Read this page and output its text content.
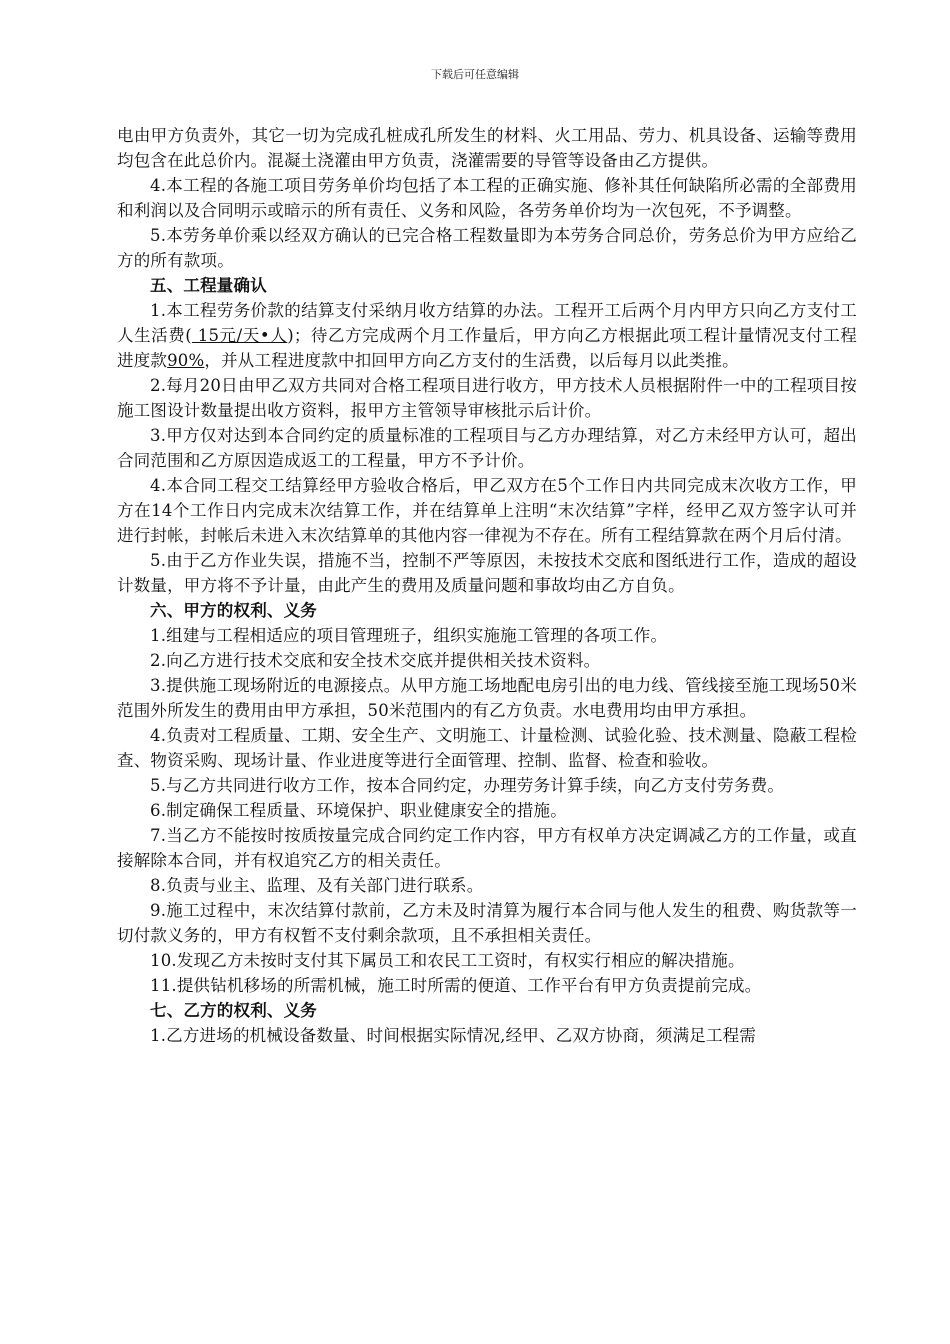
下载后可任意编辑

电由甲方负责外，其它一切为完成孔桩成孔所发生的材料、火工用品、劳力、机具设备、运输等费用均包含在此总价内。混凝土浇灌由甲方负责，浇灌需要的导管等设备由乙方提供。

4.本工程的各施工项目劳务单价均包括了本工程的正确实施、修补其任何缺陷所必需的全部费用和利润以及合同明示或暗示的所有责任、义务和风险，各劳务单价均为一次包死，不予调整。

5.本劳务单价乘以经双方确认的已完合格工程数量即为本劳务合同总价，劳务总价为甲方应给乙方的所有款项。

五、工程量确认

1.本工程劳务价款的结算支付采纳月收方结算的办法。工程开工后两个月内甲方只向乙方支付工人生活费( 15元/天•人)；待乙方完成两个月工作量后，甲方向乙方根据此项工程计量情况支付工程进度款90%，并从工程进度款中扣回甲方向乙方支付的生活费，以后每月以此类推。

2.每月20日由甲乙双方共同对合格工程项目进行收方，甲方技术人员根据附件一中的工程项目按施工图设计数量提出收方资料，报甲方主管领导审核批示后计价。

3.甲方仅对达到本合同约定的质量标准的工程项目与乙方办理结算，对乙方未经甲方认可，超出合同范围和乙方原因造成返工的工程量，甲方不予计价。

4.本合同工程交工结算经甲方验收合格后，甲乙双方在5个工作日内共同完成末次收方工作，甲方在14个工作日内完成末次结算工作，并在结算单上注明“末次结算”字样，经甲乙双方签字认可并进行封帐，封帐后未进入末次结算单的其他内容一律视为不存在。所有工程结算款在两个月后付清。

5.由于乙方作业失误，措施不当，控制不严等原因，未按技术交底和图纸进行工作，造成的超设计数量，甲方将不予计量，由此产生的费用及质量问题和事故均由乙方自负。

六、甲方的权利、义务

1.组建与工程相适应的项目管理班子，组织实施施工管理的各项工作。

2.向乙方进行技术交底和安全技术交底并提供相关技术资料。

3.提供施工现场附近的电源接点。从甲方施工场地配电房引出的电力线、管线接至施工现场50米范围外所发生的费用由甲方承担，50米范围内的有乙方负责。水电费用均由甲方承担。

4.负责对工程质量、工期、安全生产、文明施工、计量检测、试验化验、技术测量、隐蔽工程检查、物资采购、现场计量、作业进度等进行全面管理、控制、监督、检查和验收。

5.与乙方共同进行收方工作，按本合同约定，办理劳务计算手续，向乙方支付劳务费。

6.制定确保工程质量、环境保护、职业健康安全的措施。

7.当乙方不能按时按质按量完成合同约定工作内容，甲方有权单方决定调减乙方的工作量，或直接解除本合同，并有权追究乙方的相关责任。

8.负责与业主、监理、及有关部门进行联系。

9.施工过程中，末次结算付款前，乙方未及时清算为履行本合同与他人发生的租费、购货款等一切付款义务的，甲方有权暂不支付剩余款项，且不承担相关责任。

10.发现乙方未按时支付其下属员工和农民工工资时，有权实行相应的解决措施。

11.提供钻机移场的所需机械，施工时所需的便道、工作平台有甲方负责提前完成。

七、乙方的权利、义务

1.乙方进场的机械设备数量、时间根据实际情况,经甲、乙双方协商，须满足工程需
